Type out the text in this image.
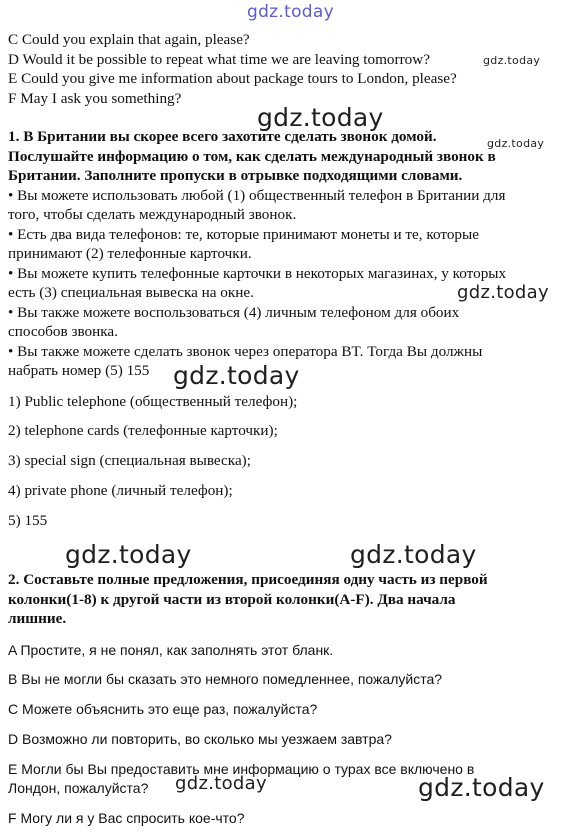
gdz.today
C Could you explain that again, please?
D Would it be possible to repeat what time we are leaving tomorrow?	gdz.today
E Could you give me information about package tours to London, please?
F May I ask you something?
gdz.today
1. В Британии вы скорее всего захотите сделать звонок домой.	gdz.today
Послушайте информацию о том, как сделать международный звонок в
Британии. Заполните пропуски в отрывке подходящими словами.
• Вы можете использовать любой (1) общественный телефон в Британии для
того, чтобы сделать международный звонок.
• Есть два вида телефонов: те, которые принимают монеты и те, которые
принимают (2) телефонные карточки.
• Вы можете купить телефонные карточки в некоторых магазинах, у которых
есть (3) специальная вывеска на окне.	gdz.today
• Вы также можете воспользоваться (4) личным телефоном для обоих
способов звонка.
• Вы также можете сделать звонок через оператора BT. Тогда Вы должны
набрать номер (5) 155 gdz.today
1) Public telephone (общественный телефон);
2) telephone cards (телефонные карточки);
3) special sign (специальная вывеска);
4) private phone (личный телефон);
5) 155
gdz.today	gdz.today
2. Составьте полные предложения, присоединяя одну часть из первой
колонки(1-8) к другой части из второй колонки(A-F). Два начала
лишние.
A Простите, я не понял, как заполнять этот бланк.
B Вы не могли бы сказать это немного помедленнее, пожалуйста?
C Можете объяснить это еще раз, пожалуйста?
D Возможно ли повторить, во сколько мы уезжаем завтра?
E Могли бы Вы предоставить мне информацию о турах все включено в
Лондон, пожалуйста? gdz.today	gdz.today
F Могу ли я у Вас спросить кое-что?
